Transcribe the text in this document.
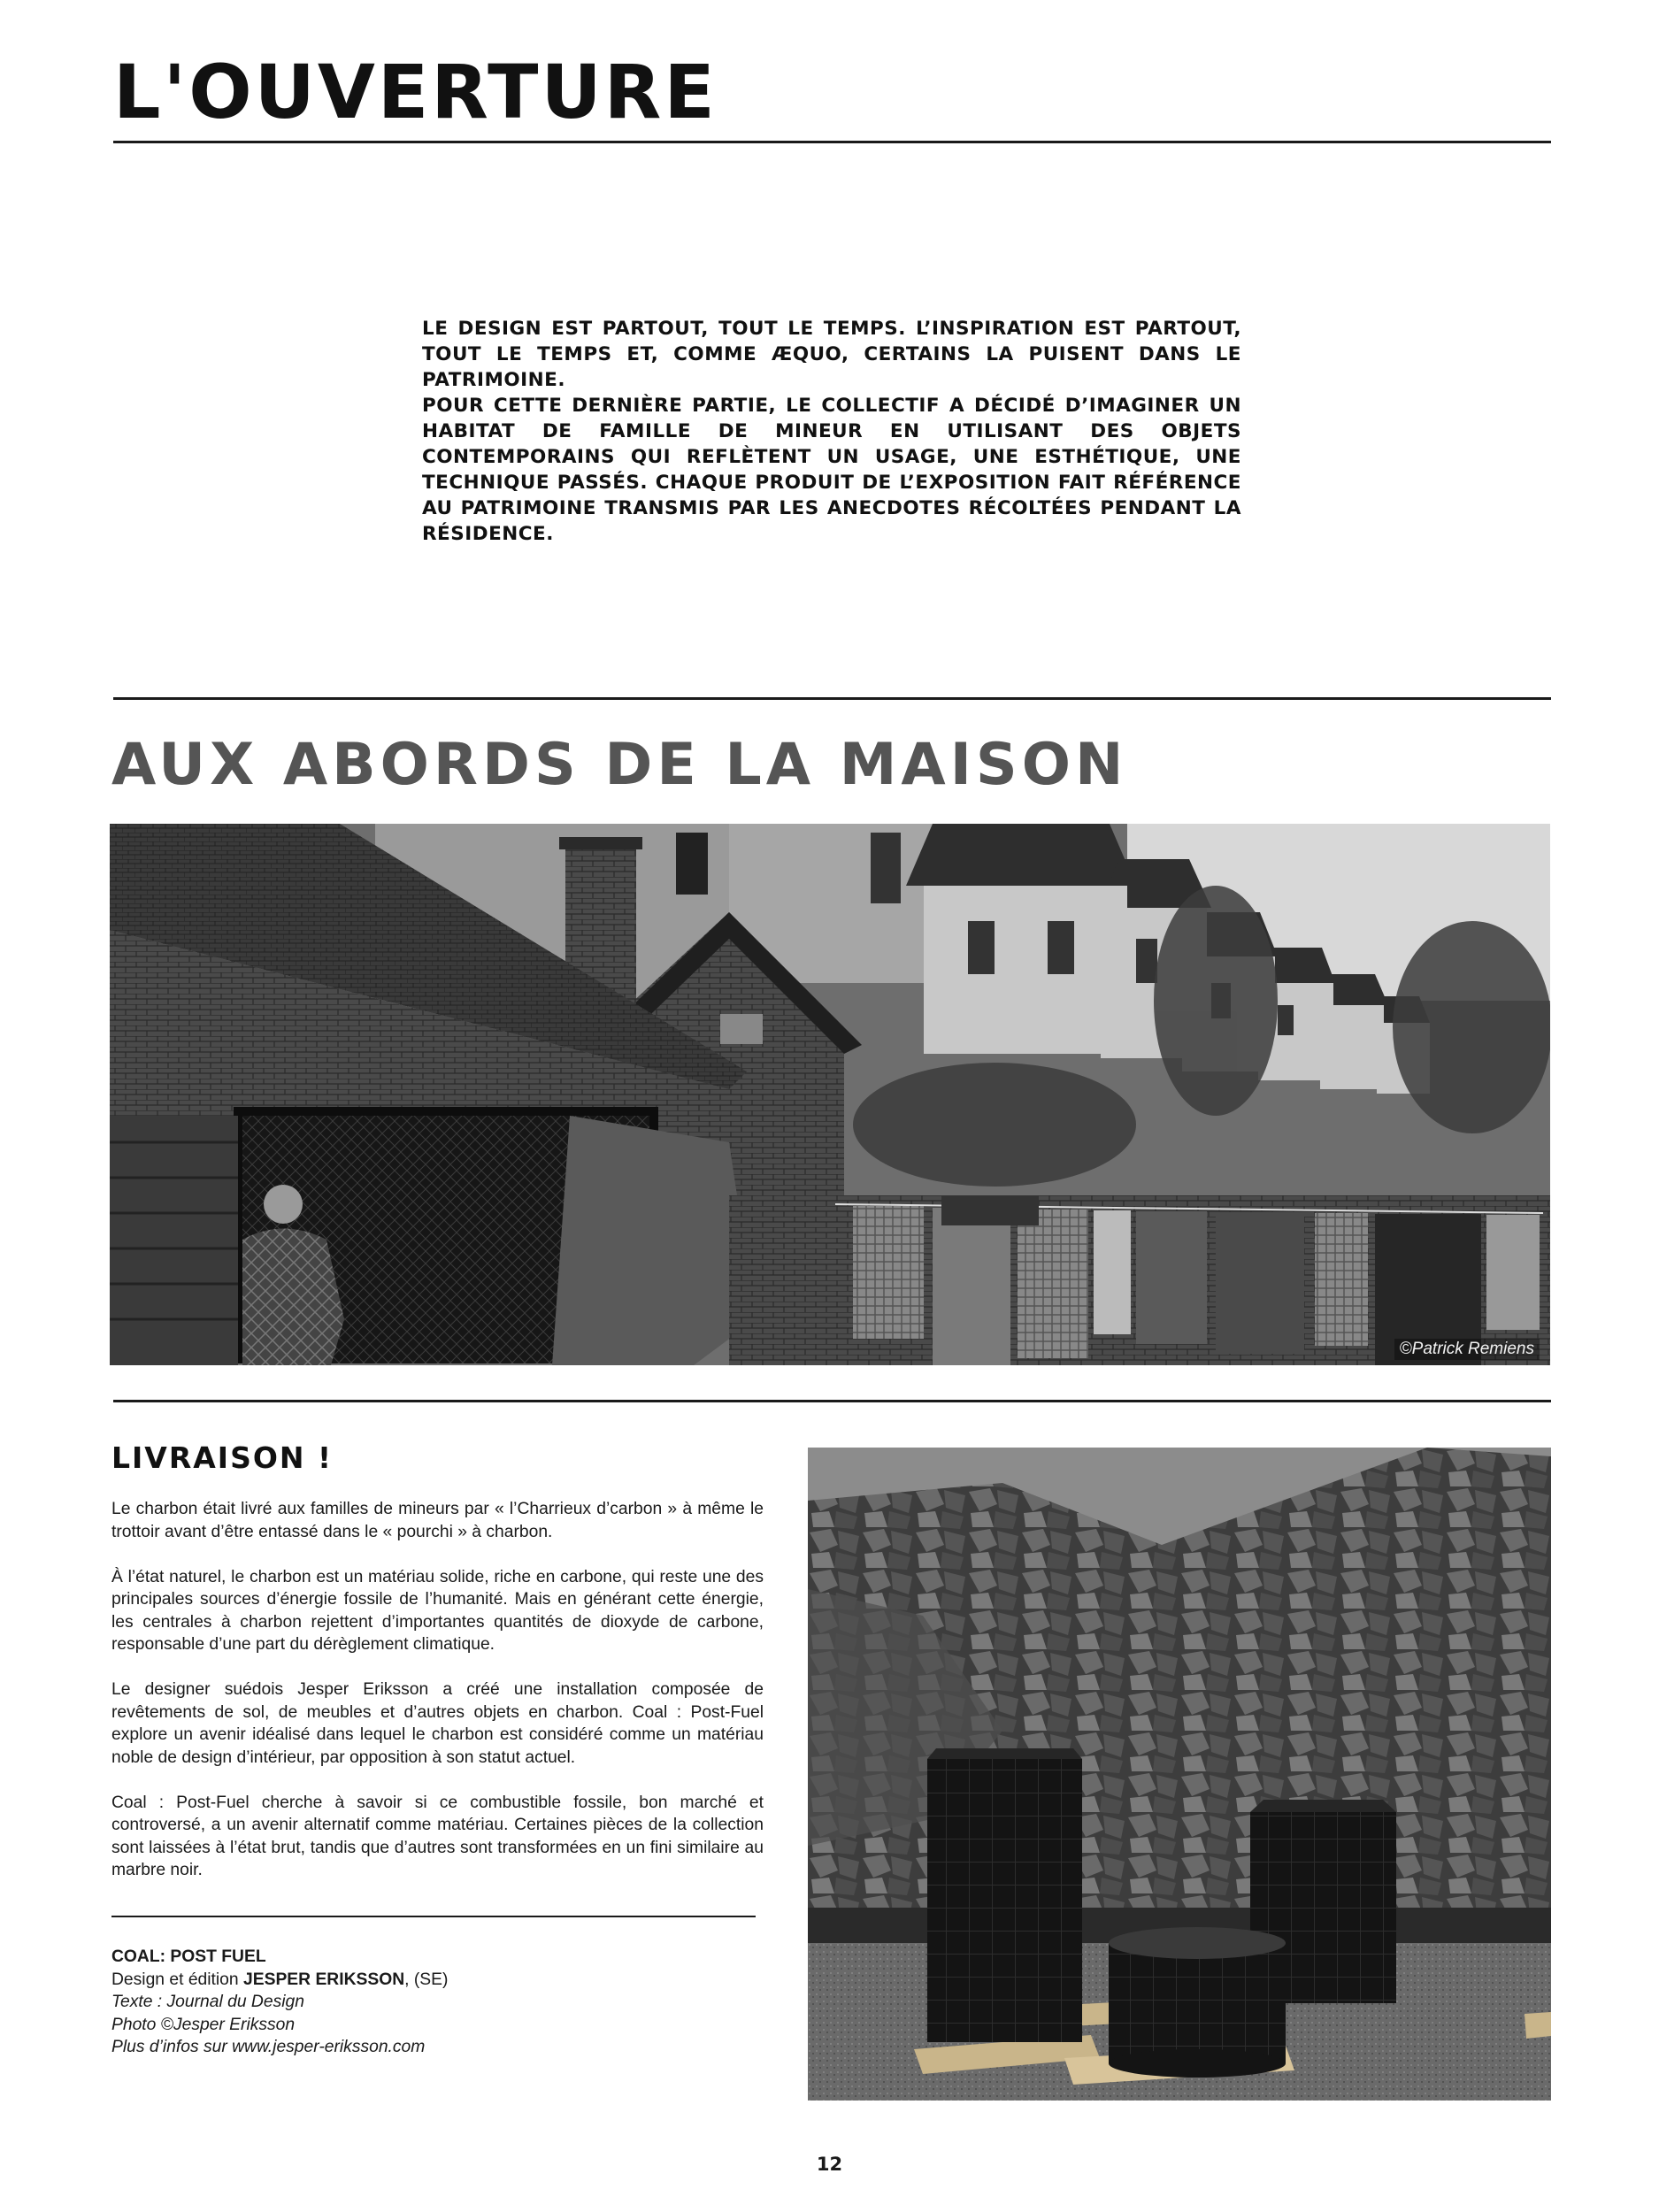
L'OUVERTURE

LE DESIGN EST PARTOUT, TOUT LE TEMPS. L’INSPIRATION EST PARTOUT, TOUT LE TEMPS ET, COMME ÆQUO, CERTAINS LA PUISENT DANS LE PATRIMOINE.

POUR CETTE DERNIÈRE PARTIE, LE COLLECTIF A DÉCIDÉ D’IMAGINER UN HABITAT DE FAMILLE DE MINEUR EN UTILISANT DES OBJETS CONTEMPORAINS QUI REFLÈTENT UN USAGE, UNE ESTHÉTIQUE, UNE TECHNIQUE PASSÉS. CHAQUE PRODUIT DE L’EXPOSITION FAIT RÉFÉRENCE AU PATRIMOINE TRANSMIS PAR LES ANECDOTES RÉCOLTÉES PENDANT LA RÉSIDENCE.

AUX ABORDS DE LA MAISON
©Patrick Remiens
LIVRAISON !

Le charbon était livré aux familles de mineurs par « l’Charrieux d’carbon » à même le trottoir avant d’être entassé dans le « pourchi » à charbon.

À l’état naturel, le charbon est un matériau solide, riche en carbone, qui reste une des principales sources d’énergie fossile de l’humanité. Mais en générant cette énergie, les centrales à charbon rejettent d’importantes quantités de dioxyde de carbone, responsable d’une part du dérèglement climatique.

Le designer suédois Jesper Eriksson a créé une installation composée de revêtements de sol, de meubles et d’autres objets en charbon. Coal : Post-Fuel explore un avenir idéalisé dans lequel le charbon est considéré comme un matériau noble de design d’intérieur, par opposition à son statut actuel.

Coal : Post-Fuel cherche à savoir si ce combustible fossile, bon marché et controversé, a un avenir alternatif comme matériau. Certaines pièces de la collection sont laissées à l’état brut, tandis que d’autres sont transformées en un fini similaire au marbre noir.

COAL: POST FUEL
Design et édition JESPER ERIKSSON, (SE)
Texte : Journal du Design
Photo ©Jesper Eriksson
Plus d’infos sur www.jesper-eriksson.com
12
